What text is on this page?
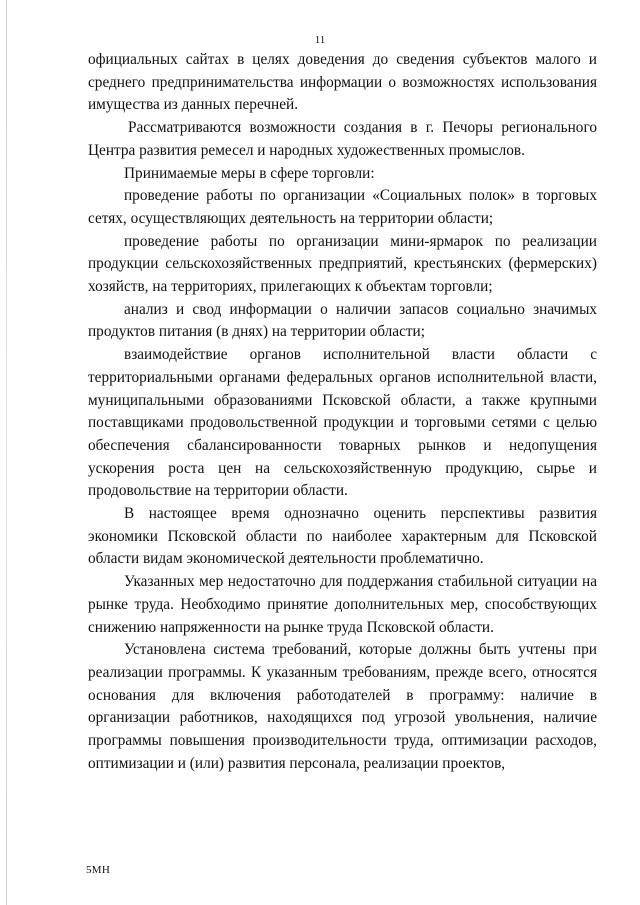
11

официальных сайтах в целях доведения до сведения субъектов малого и среднего предпринимательства информации о возможностях использования имущества из данных перечней.

Рассматриваются возможности создания в г. Печоры регионального Центра развития ремесел и народных художественных промыслов.

Принимаемые меры в сфере торговли:

проведение работы по организации «Социальных полок» в торговых сетях, осуществляющих деятельность на территории области;

проведение работы по организации мини-ярмарок по реализации продукции сельскохозяйственных предприятий, крестьянских (фермерских) хозяйств, на территориях, прилегающих к объектам торговли;

анализ и свод информации о наличии запасов социально значимых продуктов питания (в днях) на территории области;

взаимодействие органов исполнительной власти области с территориальными органами федеральных органов исполнительной власти, муниципальными образованиями Псковской области, а также крупными поставщиками продовольственной продукции и торговыми сетями с целью обеспечения сбалансированности товарных рынков и недопущения ускорения роста цен на сельскохозяйственную продукцию, сырье и продовольствие на территории области.

В настоящее время однозначно оценить перспективы развития экономики Псковской области по наиболее характерным для Псковской области видам экономической деятельности проблематично.

Указанных мер недостаточно для поддержания стабильной ситуации на рынке труда. Необходимо принятие дополнительных мер, способствующих снижению напряженности на рынке труда Псковской области.

Установлена система требований, которые должны быть учтены при реализации программы. К указанным требованиям, прежде всего, относятся основания для включения работодателей в программу: наличие в организации работников, находящихся под угрозой увольнения, наличие программы повышения производительности труда, оптимизации расходов, оптимизации и (или) развития персонала, реализации проектов,

5МН
